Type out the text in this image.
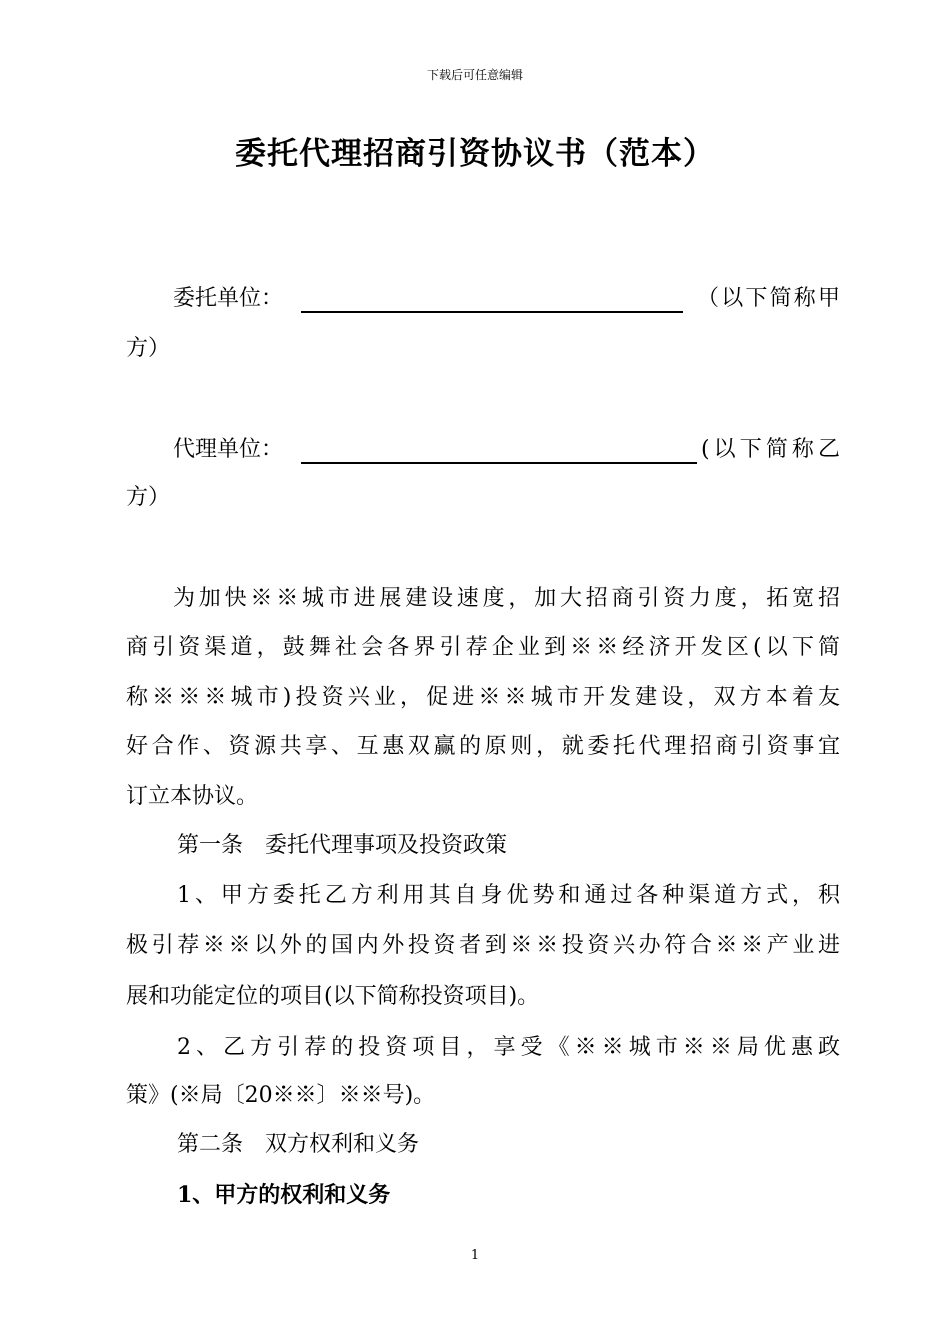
下载后可任意编辑
委托代理招商引资协议书（范本）
委托单位：	（以下简称甲
方）
代理单位：	(以下简称乙
方）
为加快※※城市进展建设速度，加大招商引资力度，拓宽招
商引资渠道，鼓舞社会各界引荐企业到※※经济开发区(以下简
称※※※城市)投资兴业，促进※※城市开发建设，双方本着友
好合作、资源共享、互惠双赢的原则，就委托代理招商引资事宜
订立本协议。
第一条　委托代理事项及投资政策
1、甲方委托乙方利用其自身优势和通过各种渠道方式，积
极引荐※※以外的国内外投资者到※※投资兴办符合※※产业进
展和功能定位的项目(以下简称投资项目)。
2、乙方引荐的投资项目，享受《※※城市※※局优惠政
策》(※局〔20※※〕※※号)。
第二条　双方权利和义务
1、甲方的权利和义务
1
